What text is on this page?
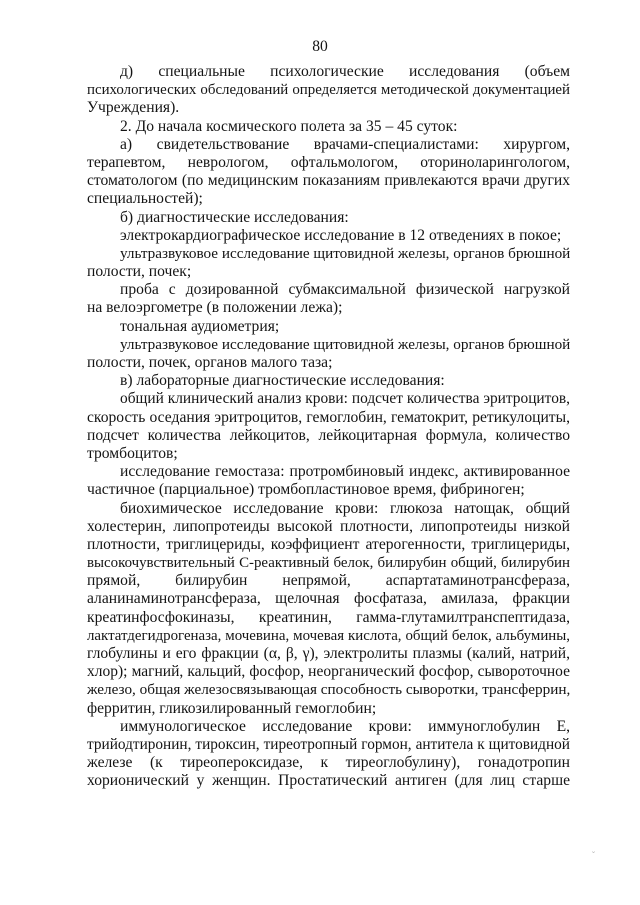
80
д) специальные психологические исследования (объем
психологических обследований определяется методической документацией
Учреждения).
2. До начала космического полета за 35 – 45 суток:
а) свидетельствование врачами-специалистами: хирургом,
терапевтом, неврологом, офтальмологом, оториноларингологом,
стоматологом (по медицинским показаниям привлекаются врачи других
специальностей);
б) диагностические исследования:
электрокардиографическое исследование в 12 отведениях в покое;
ультразвуковое исследование щитовидной железы, органов брюшной
полости, почек;
проба с дозированной субмаксимальной физической нагрузкой
на велоэргометре (в положении лежа);
тональная аудиометрия;
ультразвуковое исследование щитовидной железы, органов брюшной
полости, почек, органов малого таза;
в) лабораторные диагностические исследования:
общий клинический анализ крови: подсчет количества эритроцитов,
скорость оседания эритроцитов, гемоглобин, гематокрит, ретикулоциты,
подсчет количества лейкоцитов, лейкоцитарная формула, количество
тромбоцитов;
исследование гемостаза: протромбиновый индекс, активированное
частичное (парциальное) тромбопластиновое время, фибриноген;
биохимическое исследование крови: глюкоза натощак, общий
холестерин, липопротеиды высокой плотности, липопротеиды низкой
плотности, триглицериды, коэффициент атерогенности, триглицериды,
высокочувствительный С-реактивный белок, билирубин общий, билирубин
прямой, билирубин непрямой, аспартатаминотрансфераза,
аланинаминотрансфераза, щелочная фосфатаза, амилаза, фракции
креатинфосфокиназы, креатинин, гамма-глутамилтранспептидаза,
лактатдегидрогеназа, мочевина, мочевая кислота, общий белок, альбумины,
глобулины и его фракции (α, β, γ), электролиты плазмы (калий, натрий,
хлор); магний, кальций, фосфор, неорганический фосфор, сывороточное
железо, общая железосвязывающая способность сыворотки, трансферрин,
ферритин, гликозилированный гемоглобин;
иммунологическое исследование крови: иммуноглобулин Е,
трийодтиронин, тироксин, тиреотропный гормон, антитела к щитовидной
железе (к тиреопероксидазе, к тиреоглобулину), гонадотропин
хорионический у женщин. Простатический антиген (для лиц старше
˘
